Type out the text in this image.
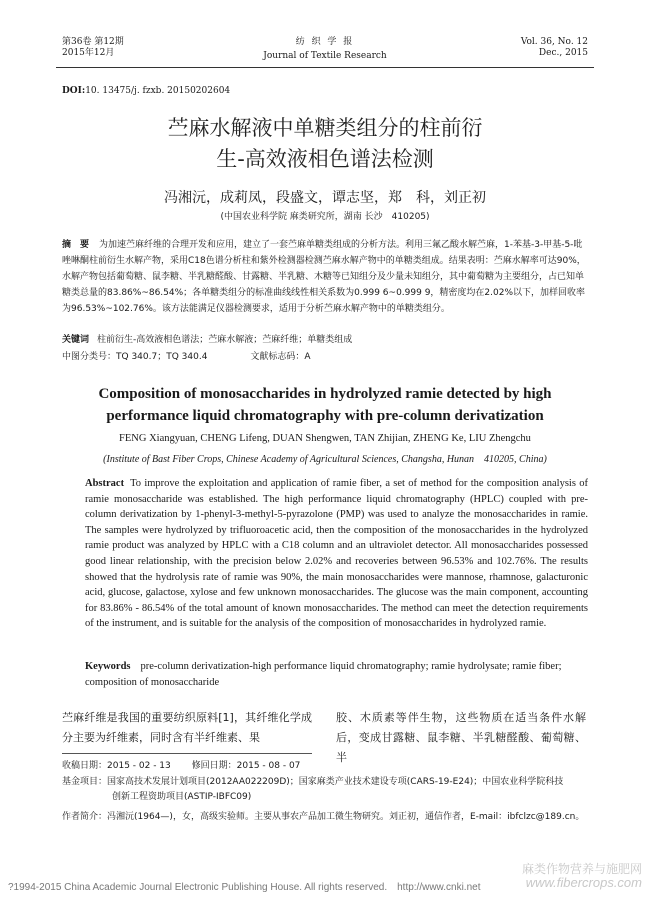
第36卷 第12期
2015年12月
纺 织 学 报
Journal of Textile Research
Vol. 36, No. 12
Dec., 2015
DOI:10. 13475/j. fzxb. 20150202604
苎麻水解液中单糖类组分的柱前衍
生-高效液相色谱法检测
冯湘沅，成莉凤，段盛文，谭志坚，郑　科，刘正初
(中国农业科学院 麻类研究所，湖南 长沙　410205)
摘　要 为加速苎麻纤维的合理开发和应用，建立了一套苎麻单糖类组成的分析方法。利用三氟乙酸水解苎麻，1-苯基-3-甲基-5-吡唑啉酮柱前衍生水解产物，采用C18色谱分析柱和紫外检测器检测苎麻水解产物中的单糖类组成。结果表明：苎麻水解率可达90%，水解产物包括葡萄糖、鼠李糖、半乳糖醛酸、甘露糖、半乳糖、木糖等已知组分及少量未知组分，其中葡萄糖为主要组分，占已知单糖类总量的83.86%~86.54%；各单糖类组分的标准曲线线性相关系数为0.999 6~0.999 9，精密度均在2.02%以下，加样回收率为96.53%~102.76%。该方法能满足仪器检测要求，适用于分析苎麻水解产物中的单糖类组分。
关键词 柱前衍生-高效液相色谱法；苎麻水解液；苎麻纤维；单糖类组成
中图分类号：TQ 340.7；TQ 340.4	文献标志码：A
Composition of monosaccharides in hydrolyzed ramie detected by high
performance liquid chromatography with pre-column derivatization
FENG Xiangyuan, CHENG Lifeng, DUAN Shengwen, TAN Zhijian, ZHENG Ke, LIU Zhengchu
(Institute of Bast Fiber Crops, Chinese Academy of Agricultural Sciences, Changsha, Hunan　410205, China)
Abstract To improve the exploitation and application of ramie fiber, a set of method for the composition analysis of ramie monosaccharide was established. The high performance liquid chromatography (HPLC) coupled with pre-column derivatization by 1-phenyl-3-methyl-5-pyrazolone (PMP) was used to analyze the monosaccharides in ramie. The samples were hydrolyzed by trifluoroacetic acid, then the composition of the monosaccharides in the hydrolyzed ramie product was analyzed by HPLC with a C18 column and an ultraviolet detector. All monosaccharides possessed good linear relationship, with the precision below 2.02% and recoveries between 96.53% and 102.76%. The results showed that the hydrolysis rate of ramie was 90%, the main monosaccharides were mannose, rhamnose, galacturonic acid, glucose, galactose, xylose and few unknown monosaccharides. The glucose was the main component, accounting for 83.86% - 86.54% of the total amount of known monosaccharides. The method can meet the detection requirements of the instrument, and is suitable for the analysis of the composition of monosaccharides in hydrolyzed ramie.
Keywords pre-column derivatization-high performance liquid chromatography; ramie hydrolysate; ramie fiber; composition of monosaccharide
苎麻纤维是我国的重要纺织原料[1]，其纤维化学成分主要为纤维素，同时含有半纤维素、果
胶、木质素等伴生物，这些物质在适当条件水解后，变成甘露糖、鼠李糖、半乳糖醛酸、葡萄糖、半
收稿日期：2015 - 02 - 13 修回日期：2015 - 08 - 07
基金项目：国家高技术发展计划项目(2012AA022209D)；国家麻类产业技术建设专项(CARS-19-E24)；中国农业科学院科技
创新工程资助项目(ASTIP-IBFC09)
作者简介：冯湘沅(1964—)，女，高级实验师。主要从事农产品加工微生物研究。刘正初，通信作者，E-mail：ibfclzc@189.cn。
麻类作物营养与施肥网
www.fibercrops.com
?1994-2015 China Academic Journal Electronic Publishing House. All rights reserved.　http://www.cnki.net
